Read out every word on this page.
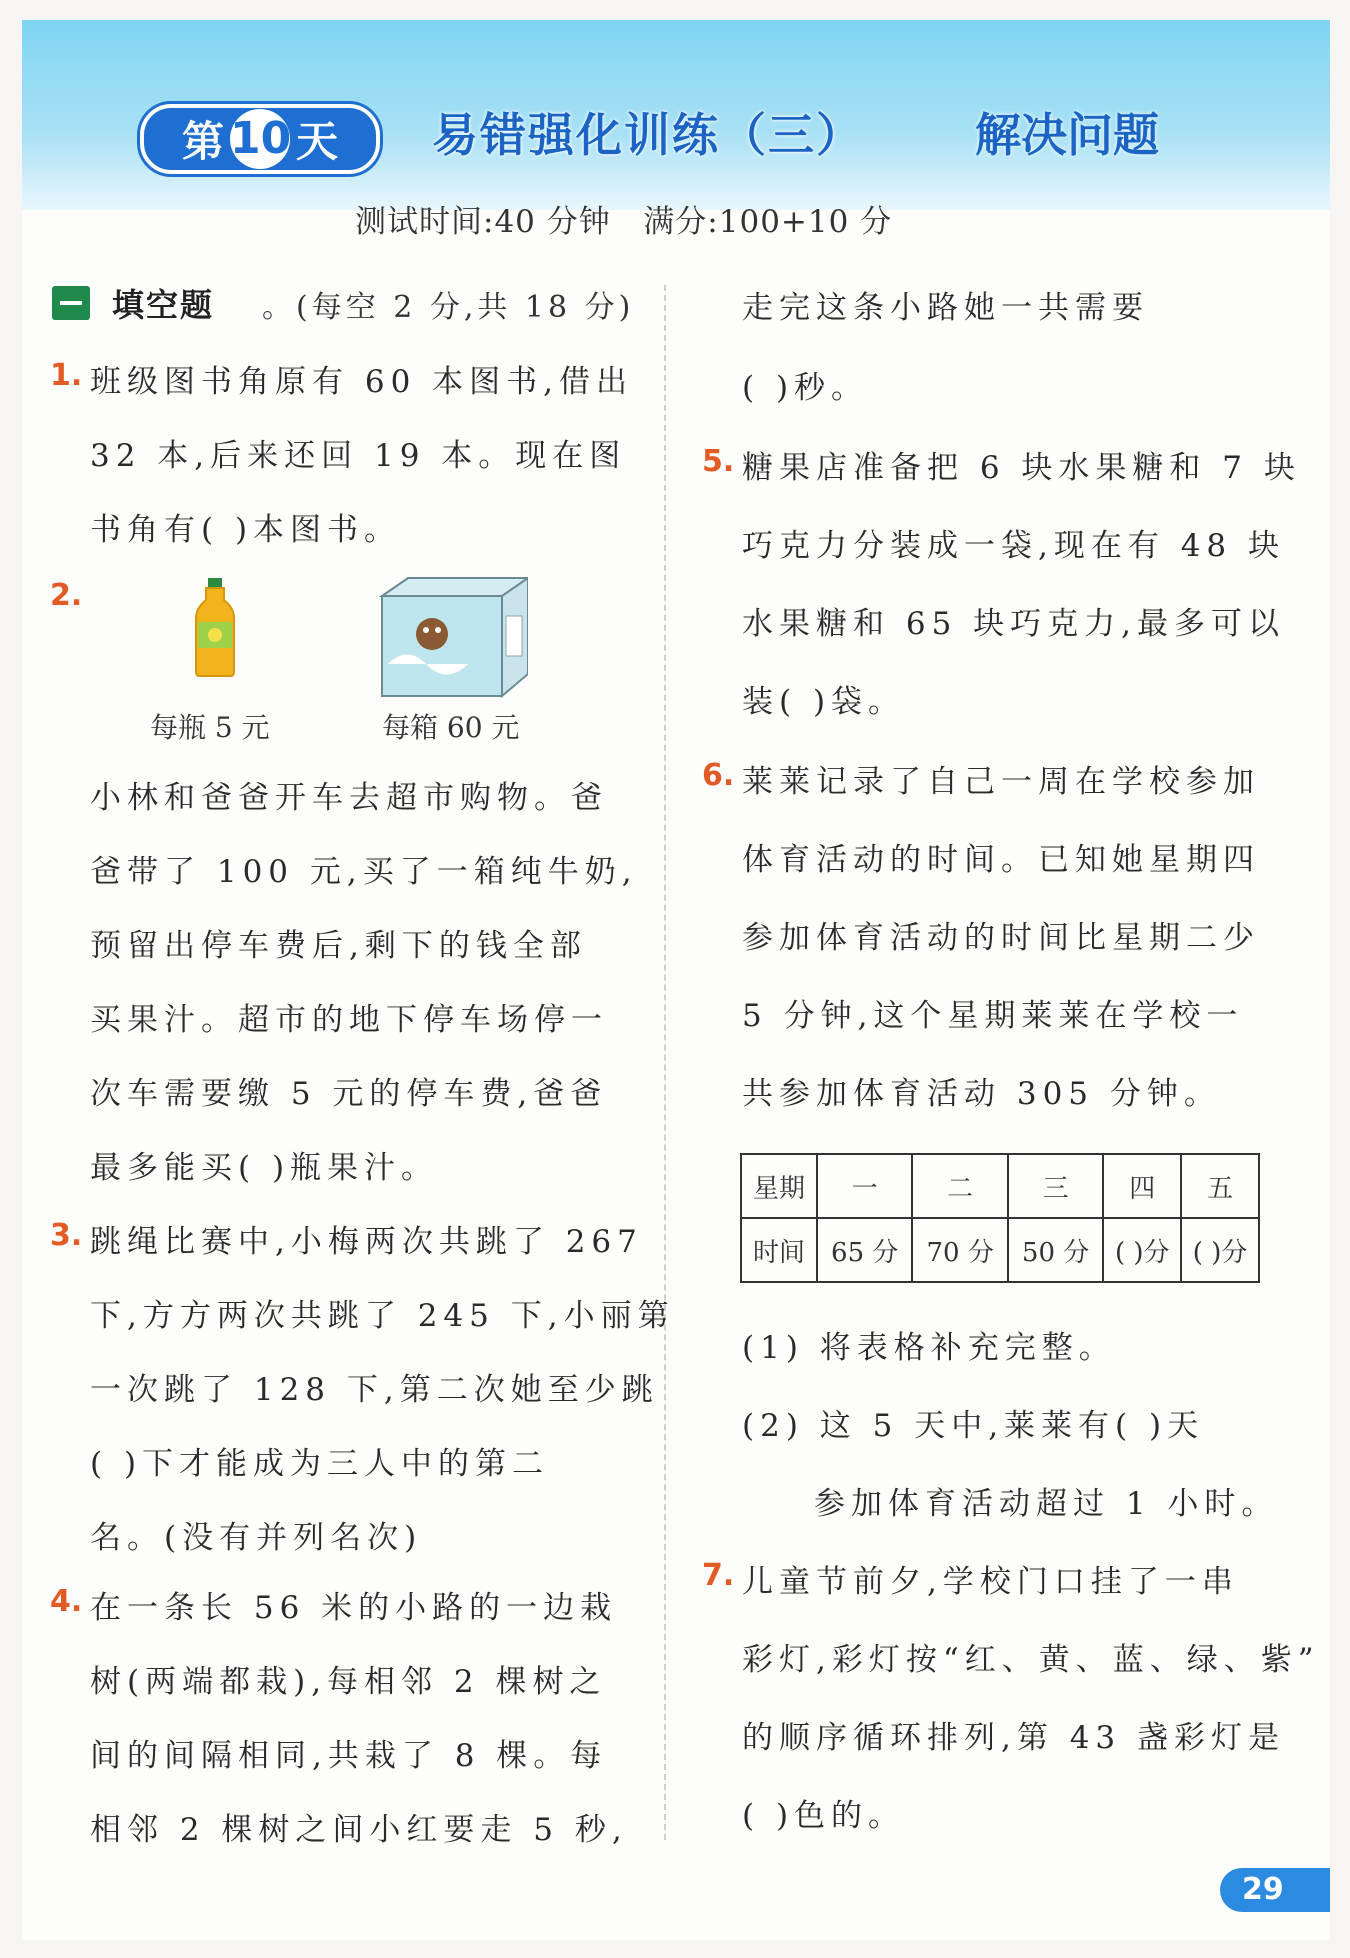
第 10 天 易错强化训练（三） 解决问题
测试时间:40 分钟   满分:100+10 分
填空题 。(每空 2 分,共 18 分)
1. 班级图书角原有 60 本图书,借出
32 本,后来还回 19 本。现在图
书角有( )本图书。
2.
每瓶 5 元	每箱 60 元
小林和爸爸开车去超市购物。爸
爸带了 100 元,买了一箱纯牛奶,
预留出停车费后,剩下的钱全部
买果汁。超市的地下停车场停一
次车需要缴 5 元的停车费,爸爸
最多能买( )瓶果汁。
3. 跳绳比赛中,小梅两次共跳了 267
下,方方两次共跳了 245 下,小丽第
一次跳了 128 下,第二次她至少跳
( )下才能成为三人中的第二
名。(没有并列名次)
4. 在一条长 56 米的小路的一边栽
树(两端都栽),每相邻 2 棵树之
间的间隔相同,共栽了 8 棵。每
相邻 2 棵树之间小红要走 5 秒,
走完这条小路她一共需要
( )秒。
5. 糖果店准备把 6 块水果糖和 7 块
巧克力分装成一袋,现在有 48 块
水果糖和 65 块巧克力,最多可以
装( )袋。
6. 莱莱记录了自己一周在学校参加
体育活动的时间。已知她星期四
参加体育活动的时间比星期二少
5 分钟,这个星期莱莱在学校一
共参加体育活动 305 分钟。
星期	一	二	三	四	五
时间	65 分	70 分	50 分	( )分	( )分
(1) 将表格补充完整。
(2) 这 5 天中,莱莱有( )天
参加体育活动超过 1 小时。
7. 儿童节前夕,学校门口挂了一串
彩灯,彩灯按“红、黄、蓝、绿、紫”
的顺序循环排列,第 43 盏彩灯是
( )色的。
29
